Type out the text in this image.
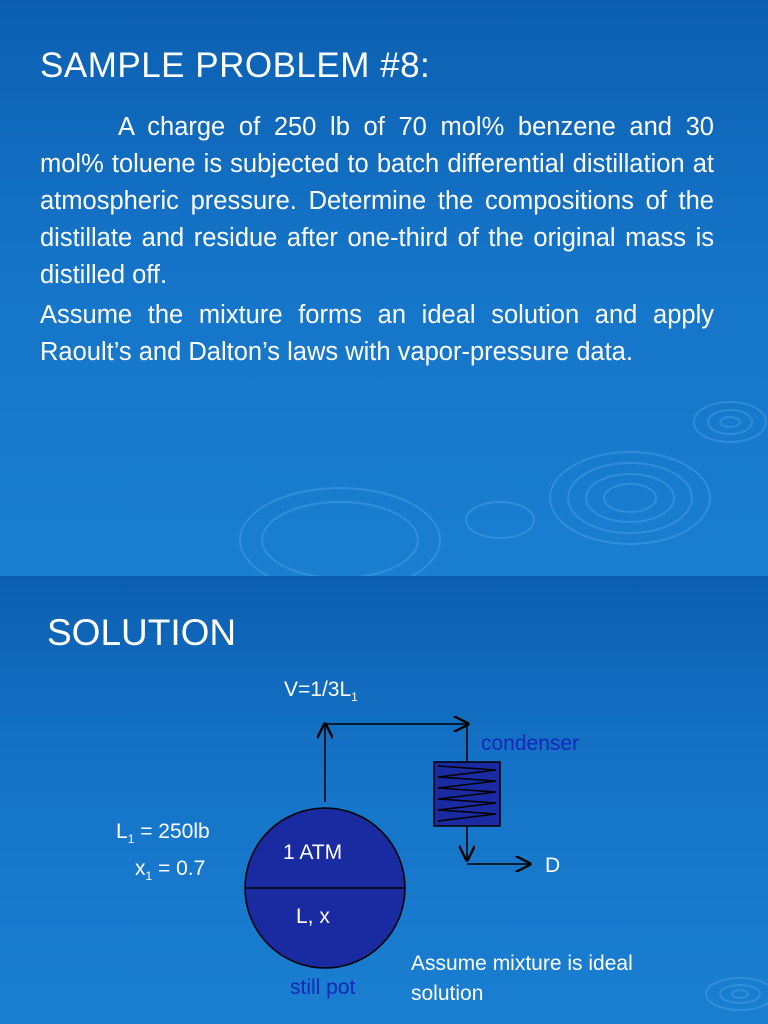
SAMPLE PROBLEM #8:

A charge of 250 lb of 70 mol% benzene and 30 mol% toluene is subjected to batch differential distillation at atmospheric pressure. Determine the compositions of the distillate and residue after one-third of the original mass is distilled off.

Assume the mixture forms an ideal solution and apply Raoult’s and Dalton’s laws with vapor-pressure data.

SOLUTION
$V=1/3L_1$
condenser
$L_1 = 250lb$
$x_1 = 0.7$
1 ATM
L, x
D
still pot
Assume mixture is ideal
solution
